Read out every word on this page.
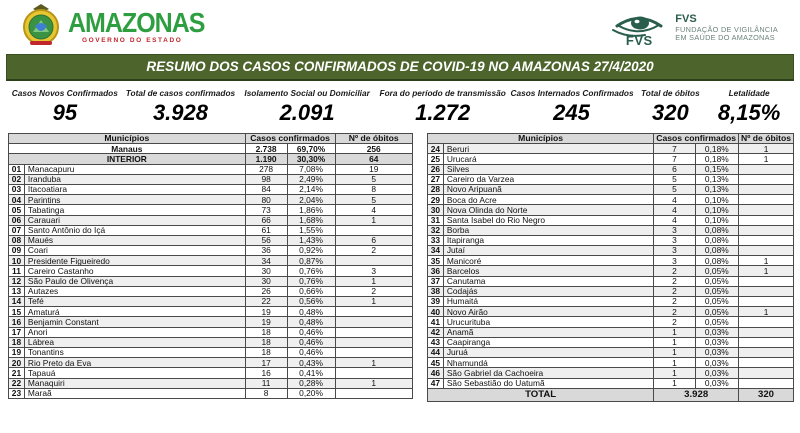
AMAZONAS
GOVERNO DO ESTADO	FVS
FVS
FUNDAÇÃO DE VIGILÂNCIA
EM SAÚDE DO AMAZONAS
RESUMO DOS CASOS CONFIRMADOS DE COVID-19 NO AMAZONAS 27/4/2020
Casos Novos Confirmados
95
Total de casos confirmados
3.928
Isolamento Social ou Domiciliar
2.091
Fora do período de transmissão
1.272
Casos Internados Confirmados
245
Total de óbitos
320
Letalidade
8,15%
Municípios		Casos confirmados		Nº de óbitos
Manaus		2.738	69,70%	256
INTERIOR		1.190	30,30%	64
01	Manacapuru	278	7,08%	19
02	Iranduba	98	2,49%	5
03	Itacoatiara	84	2,14%	8
04	Parintins	80	2,04%	5
05	Tabatinga	73	1,86%	4
06	Carauari	66	1,68%	1
07	Santo Antônio do Içá	61	1,55%	
08	Maués	56	1,43%	6
09	Coari	36	0,92%	2
10	Presidente Figueiredo	34	0,87%	
11	Careiro Castanho	30	0,76%	3
12	São Paulo de Olivença	30	0,76%	1
13	Autazes	26	0,66%	2
14	Tefé	22	0,56%	1
15	Amaturá	19	0,48%	
16	Benjamin Constant	19	0,48%	
17	Anori	18	0,46%	
18	Lábrea	18	0,46%	
19	Tonantins	18	0,46%	
20	Rio Preto da Eva	17	0,43%	1
21	Tapauá	16	0,41%	
22	Manaquiri	11	0,28%	1
23	Maraã	8	0,20%	
Municípios		Casos confirmados		Nº de óbitos
24	Beruri	7	0,18%	1
25	Urucará	7	0,18%	1
26	Silves	6	0,15%	
27	Careiro da Varzea	5	0,13%	
28	Novo Aripuanã	5	0,13%	
29	Boca do Acre	4	0,10%	
30	Nova Olinda do Norte	4	0,10%	
31	Santa Isabel do Rio Negro	4	0,10%	
32	Borba	3	0,08%	
33	Itapiranga	3	0,08%	
34	Jutaí	3	0,08%	
35	Manicoré	3	0,08%	1
36	Barcelos	2	0,05%	1
37	Canutama	2	0,05%	
38	Codajás	2	0,05%	
39	Humaitá	2	0,05%	
40	Novo Airão	2	0,05%	1
41	Urucurituba	2	0,05%	
42	Anamã	1	0,03%	
43	Caapiranga	1	0,03%	
44	Juruá	1	0,03%	
45	Nhamundá	1	0,03%	
46	São Gabriel da Cachoeira	1	0,03%	
47	São Sebastião do Uatumã	1	0,03%	
TOTAL		3.928		320
